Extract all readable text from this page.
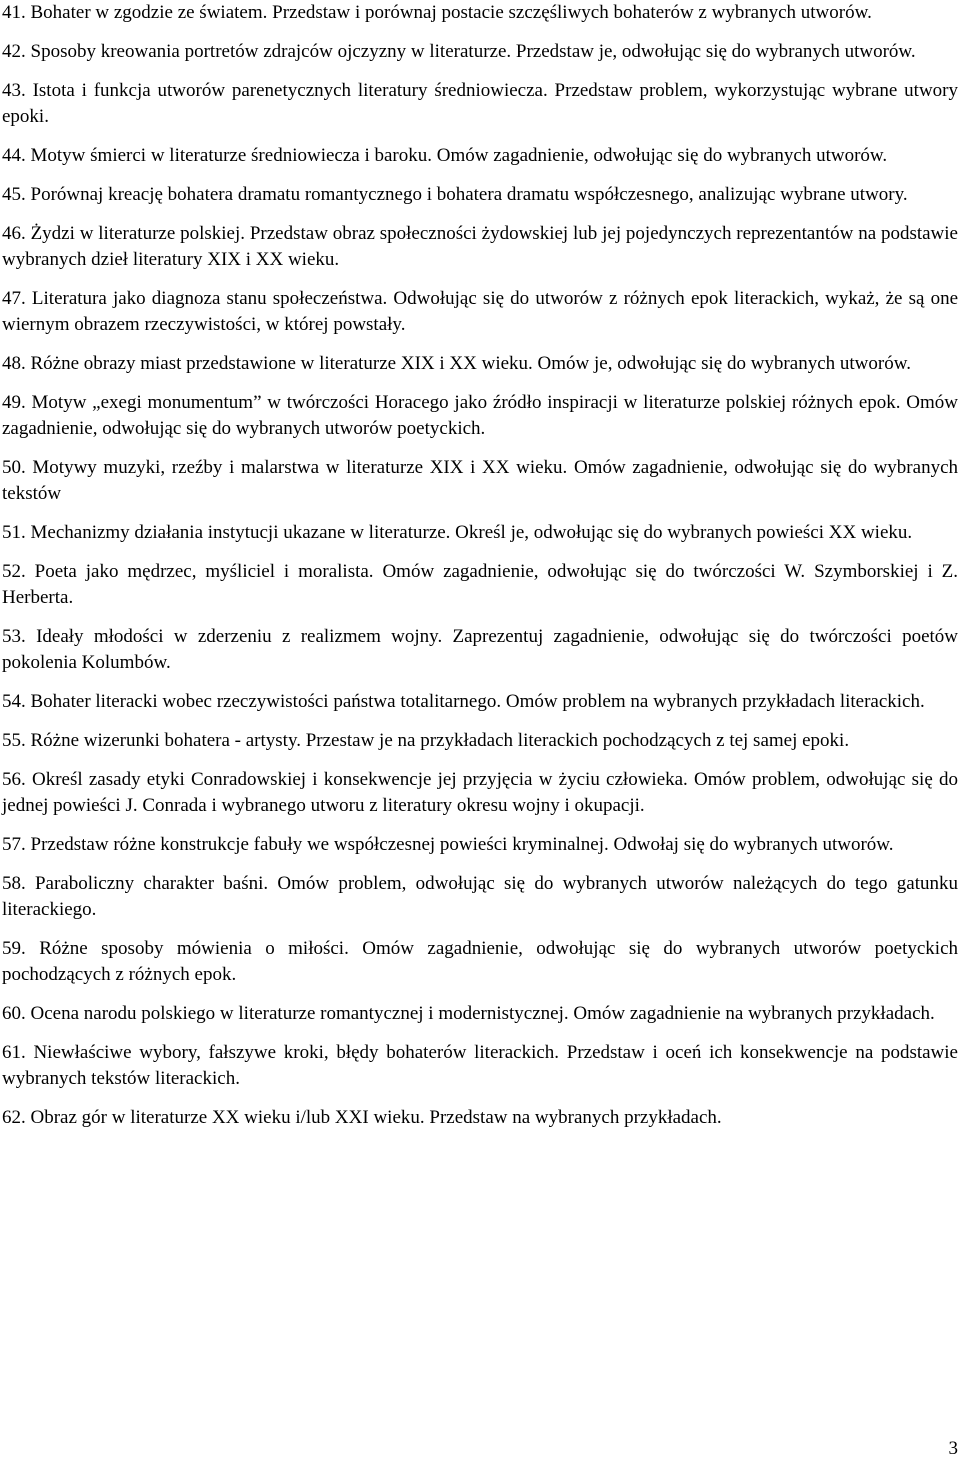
41. Bohater w zgodzie ze światem. Przedstaw i porównaj postacie szczęśliwych bohaterów z wybranych utworów.
42. Sposoby kreowania portretów zdrajców ojczyzny w literaturze. Przedstaw je, odwołując się do wybranych utworów.
43. Istota i funkcja utworów parenetycznych literatury średniowiecza. Przedstaw problem, wykorzystując wybrane utwory epoki.
44. Motyw śmierci w literaturze średniowiecza i baroku. Omów zagadnienie, odwołując się do wybranych utworów.
45. Porównaj kreację bohatera dramatu romantycznego i bohatera dramatu współczesnego, analizując wybrane utwory.
46. Żydzi w literaturze polskiej. Przedstaw obraz społeczności żydowskiej lub jej pojedynczych reprezentantów na podstawie wybranych dzieł literatury XIX i XX wieku.
47. Literatura jako diagnoza stanu społeczeństwa. Odwołując się do utworów z różnych epok literackich, wykaż, że są one wiernym obrazem rzeczywistości, w której powstały.
48. Różne obrazy miast przedstawione w literaturze XIX i XX wieku. Omów je, odwołując się do wybranych utworów.
49. Motyw „exegi monumentum” w twórczości Horacego jako źródło inspiracji w literaturze polskiej różnych epok. Omów zagadnienie, odwołując się do wybranych utworów poetyckich.
50. Motywy muzyki, rzeźby i malarstwa w literaturze XIX i XX wieku. Omów zagadnienie, odwołując się do wybranych tekstów
51. Mechanizmy działania instytucji ukazane w literaturze. Określ je, odwołując się do wybranych powieści XX wieku.
52. Poeta jako mędrzec, myśliciel i moralista. Omów zagadnienie, odwołując się do twórczości W. Szymborskiej i Z. Herberta.
53. Ideały młodości w zderzeniu z realizmem wojny. Zaprezentuj zagadnienie, odwołując się do twórczości poetów pokolenia Kolumbów.
54. Bohater literacki wobec rzeczywistości państwa totalitarnego. Omów problem na wybranych przykładach literackich.
55. Różne wizerunki bohatera - artysty. Przestaw je na przykładach literackich pochodzących z tej samej epoki.
56. Określ zasady etyki Conradowskiej i konsekwencje jej przyjęcia w życiu człowieka. Omów problem, odwołując się do jednej powieści J. Conrada i wybranego utworu z literatury okresu wojny i okupacji.
57. Przedstaw różne konstrukcje fabuły we współczesnej powieści kryminalnej. Odwołaj się do wybranych utworów.
58. Paraboliczny charakter baśni. Omów problem, odwołując się do wybranych utworów należących do tego gatunku literackiego.
59. Różne sposoby mówienia o miłości. Omów zagadnienie, odwołując się do wybranych utworów poetyckich pochodzących z różnych epok.
60. Ocena narodu polskiego w literaturze romantycznej i modernistycznej. Omów zagadnienie na wybranych przykładach.
61. Niewłaściwe wybory, fałszywe kroki, błędy bohaterów literackich. Przedstaw i oceń ich konsekwencje na podstawie wybranych tekstów literackich.
62. Obraz gór w literaturze XX wieku i/lub XXI wieku. Przedstaw na wybranych przykładach.
3
